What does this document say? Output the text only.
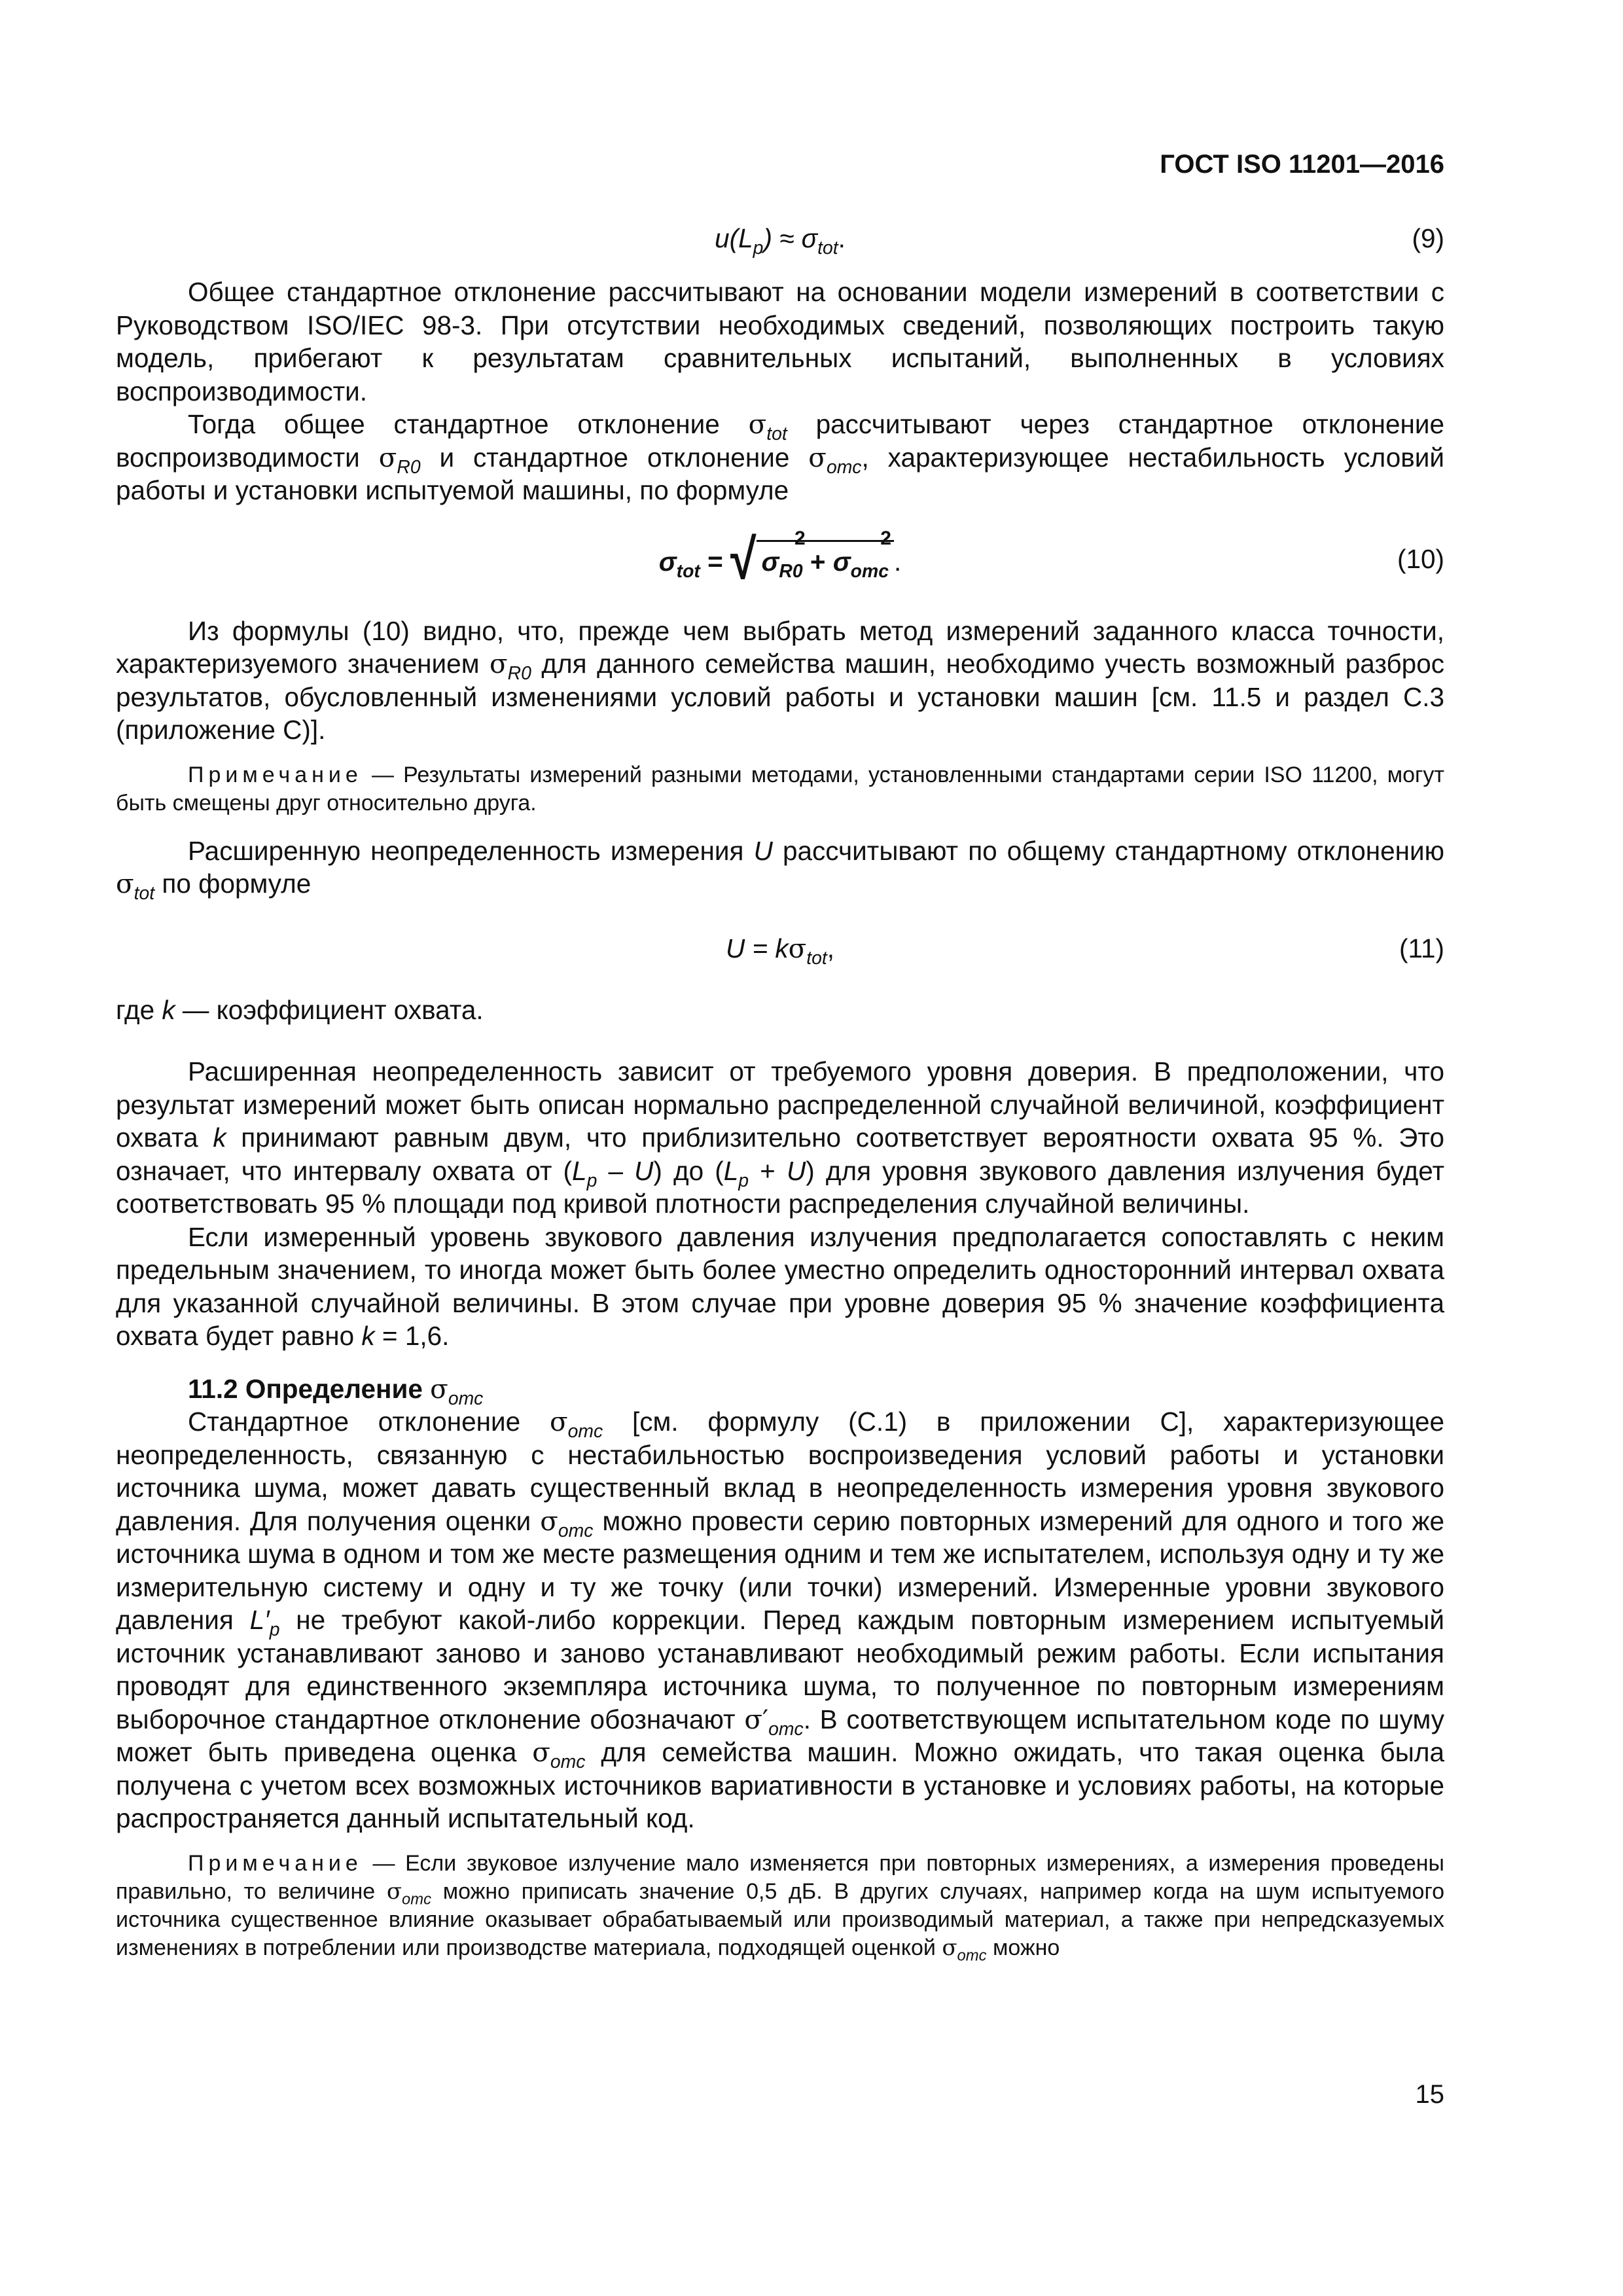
ГОСТ ISO 11201—2016
$u(L_p) \approx \sigma_{tot}$.	(9)

Общее стандартное отклонение рассчитывают на основании модели измерений в соответствии с Руководством ISO/IEC 98-3. При отсутствии необходимых сведений, позволяющих построить такую модель, прибегают к результатам сравнительных испытаний, выполненных в условиях воспроизводимости.

Тогда общее стандартное отклонение $\sigma_{tot}$ рассчитывают через стандартное отклонение воспроизводимости $\sigma_{R0}$ и стандартное отклонение $\sigma_{omc}$, характеризующее нестабильность условий работы и установки испытуемой машины, по формуле

$\sigma_{tot}$ = √ $\sigma_{R0}$
2
+ $\sigma_{omc}$
2
.	(10)

Из формулы (10) видно, что, прежде чем выбрать метод измерений заданного класса точности, характеризуемого значением $\sigma_{R0}$ для данного семейства машин, необходимо учесть возможный разброс результатов, обусловленный изменениями условий работы и установки машин [см. 11.5 и раздел С.3 (приложение С)].

Примечание — Результаты измерений разными методами, установленными стандартами серии ISO 11200, могут быть смещены друг относительно друга.

Расширенную неопределенность измерения U рассчитывают по общему стандартному отклонению $\sigma_{tot}$ по формуле

$U = k\sigma_{tot}$,	(11)

где k — коэффициент охвата.

Расширенная неопределенность зависит от требуемого уровня доверия. В предположении, что результат измерений может быть описан нормально распределенной случайной величиной, коэффициент охвата k принимают равным двум, что приблизительно соответствует вероятности охвата 95 %. Это означает, что интервалу охвата от $(L_p - U)$ до $(L_p + U)$ для уровня звукового давления излучения будет соответствовать 95 % площади под кривой плотности распределения случайной величины.

Если измеренный уровень звукового давления излучения предполагается сопоставлять с неким предельным значением, то иногда может быть более уместно определить односторонний интервал охвата для указанной случайной величины. В этом случае при уровне доверия 95 % значение коэффициента охвата будет равно k = 1,6.

11.2 Определение $\sigma_{omc}$

Стандартное отклонение $\sigma_{omc}$ [см. формулу (С.1) в приложении С], характеризующее неопределенность, связанную с нестабильностью воспроизведения условий работы и установки источника шума, может давать существенный вклад в неопределенность измерения уровня звукового давления. Для получения оценки $\sigma_{omc}$ можно провести серию повторных измерений для одного и того же источника шума в одном и том же месте размещения одним и тем же испытателем, используя одну и ту же измерительную систему и одну и ту же точку (или точки) измерений. Измеренные уровни звукового давления $L'_p$ не требуют какой-либо коррекции. Перед каждым повторным измерением испытуемый источник устанавливают заново и заново устанавливают необходимый режим работы. Если испытания проводят для единственного экземпляра источника шума, то полученное по повторным измерениям выборочное стандартное отклонение обозначают $\sigma'_{omc}$. В соответствующем испытательном коде по шуму может быть приведена оценка $\sigma_{omc}$ для семейства машин. Можно ожидать, что такая оценка была получена с учетом всех возможных источников вариативности в установке и условиях работы, на которые распространяется данный испытательный код.

Примечание — Если звуковое излучение мало изменяется при повторных измерениях, а измерения проведены правильно, то величине $\sigma_{omc}$ можно приписать значение 0,5 дБ. В других случаях, например когда на шум испытуемого источника существенное влияние оказывает обрабатываемый или производимый материал, а также при непредсказуемых изменениях в потреблении или производстве материала, подходящей оценкой $\sigma_{omc}$ можно

15
